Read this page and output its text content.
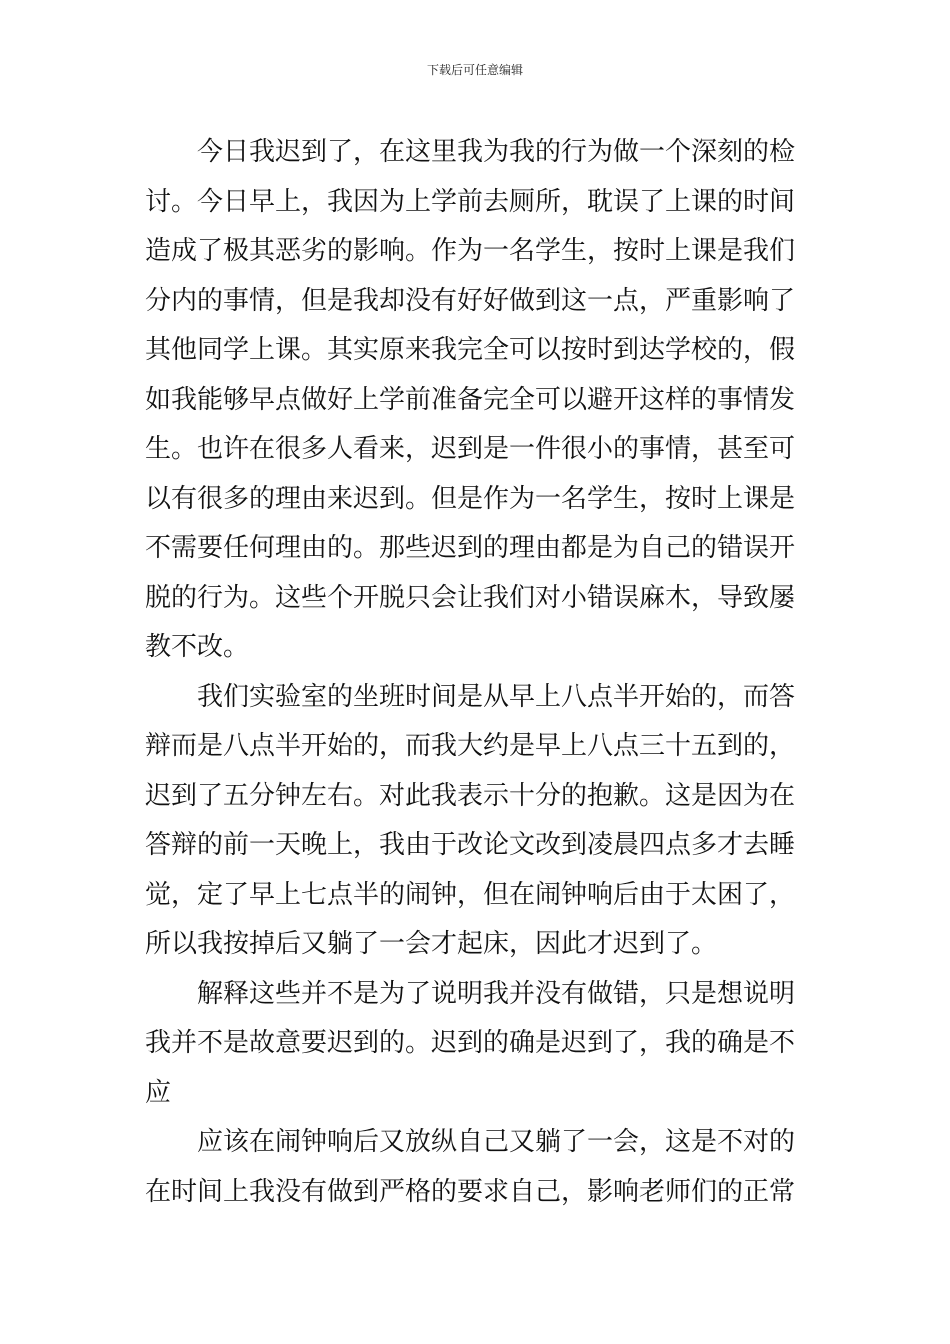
下载后可任意编辑
今日我迟到了，在这里我为我的行为做一个深刻的检
讨。今日早上，我因为上学前去厕所，耽误了上课的时间
造成了极其恶劣的影响。作为一名学生，按时上课是我们
分内的事情，但是我却没有好好做到这一点，严重影响了
其他同学上课。其实原来我完全可以按时到达学校的，假
如我能够早点做好上学前准备完全可以避开这样的事情发
生。也许在很多人看来，迟到是一件很小的事情，甚至可
以有很多的理由来迟到。但是作为一名学生，按时上课是
不需要任何理由的。那些迟到的理由都是为自己的错误开
脱的行为。这些个开脱只会让我们对小错误麻木，导致屡
教不改。
我们实验室的坐班时间是从早上八点半开始的，而答
辩而是八点半开始的，而我大约是早上八点三十五到的，
迟到了五分钟左右。对此我表示十分的抱歉。这是因为在
答辩的前一天晚上，我由于改论文改到凌晨四点多才去睡
觉，定了早上七点半的闹钟，但在闹钟响后由于太困了，
所以我按掉后又躺了一会才起床，因此才迟到了。
解释这些并不是为了说明我并没有做错，只是想说明
我并不是故意要迟到的。迟到的确是迟到了，我的确是不
应
应该在闹钟响后又放纵自己又躺了一会，这是不对的
在时间上我没有做到严格的要求自己，影响老师们的正常
